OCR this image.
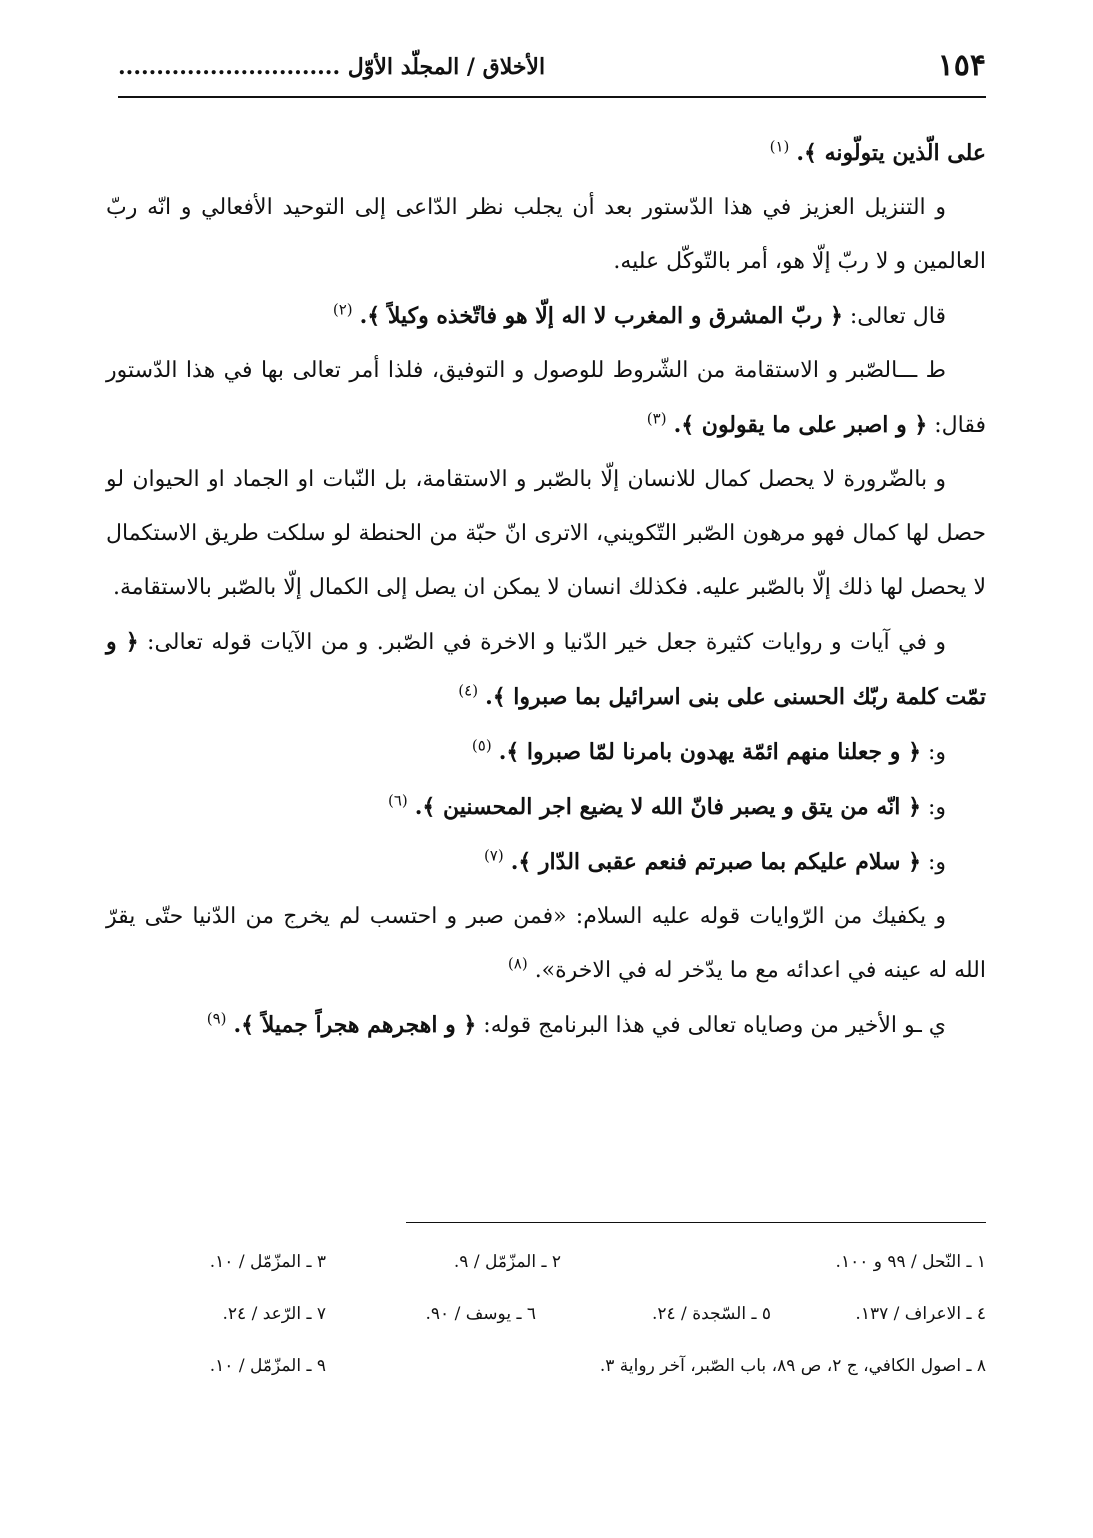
١٥۴
الأخلاق / المجلّد الأوّل .............................

على الّذين يتولّونه ﴾. $^{(١)}$

و التنزيل العزيز في هذا الدّستور بعد أن يجلب نظر الدّاعى إلى التوحيد الأفعالي و انّه ربّ العالمين و لا ربّ إلّا هو، أمر بالتّوكّل عليه.

قال تعالى: ﴿ ربّ المشرق و المغرب لا اله إلّا هو فاتّخذه وكيلاً ﴾. $^{(٢)}$

ط ـــالصّبر و الاستقامة من الشّروط للوصول و التوفيق، فلذا أمر تعالى بها في هذا الدّستور فقال: ﴿ و اصبر على ما يقولون ﴾. $^{(٣)}$

و بالضّرورة لا يحصل كمال للانسان إلّا بالصّبر و الاستقامة، بل النّبات او الجماد او الحيوان لو حصل لها كمال فهو مرهون الصّبر التّكويني، الاترى انّ حبّة من الحنطة لو سلكت طريق الاستكمال لا يحصل لها ذلك إلّا بالصّبر عليه. فكذلك انسان لا يمكن ان يصل إلى الكمال إلّا بالصّبر بالاستقامة.

و في آيات و روايات كثيرة جعل خير الدّنيا و الاخرة في الصّبر. و من الآيات قوله تعالى: ﴿ و تمّت كلمة ربّك الحسنى على بنى اسرائيل بما صبروا ﴾. $^{(٤)}$

و: ﴿ و جعلنا منهم ائمّة يهدون بامرنا لمّا صبروا ﴾. $^{(٥)}$

و: ﴿ انّه من يتق و يصبر فانّ الله لا يضيع اجر المحسنين ﴾. $^{(٦)}$

و: ﴿ سلام عليكم بما صبرتم فنعم عقبى الدّار ﴾. $^{(٧)}$

و يكفيك من الرّوايات قوله عليه السلام: «فمن صبر و احتسب لم يخرج من الدّنيا حتّى يقرّ الله له عينه في اعدائه مع ما يدّخر له في الاخرة». $^{(٨)}$

ي ـو الأخير من وصاياه تعالى في هذا البرنامج قوله: ﴿ و اهجرهم هجراً جميلاً ﴾. $^{(٩)}$

١ ـ النّحل / ٩٩ و ١٠٠.
٢ ـ المزّمّل / ٩.
٣ ـ المزّمّل / ١٠.
٤ ـ الاعراف / ١٣٧.
٥ ـ السّجدة / ٢٤.
٦ ـ يوسف / ٩٠.
٧ ـ الرّعد / ٢٤.
٨ ـ اصول الكافي، ج ٢، ص ٨٩، باب الصّبر، آخر رواية ٣.
٩ ـ المزّمّل / ١٠.
